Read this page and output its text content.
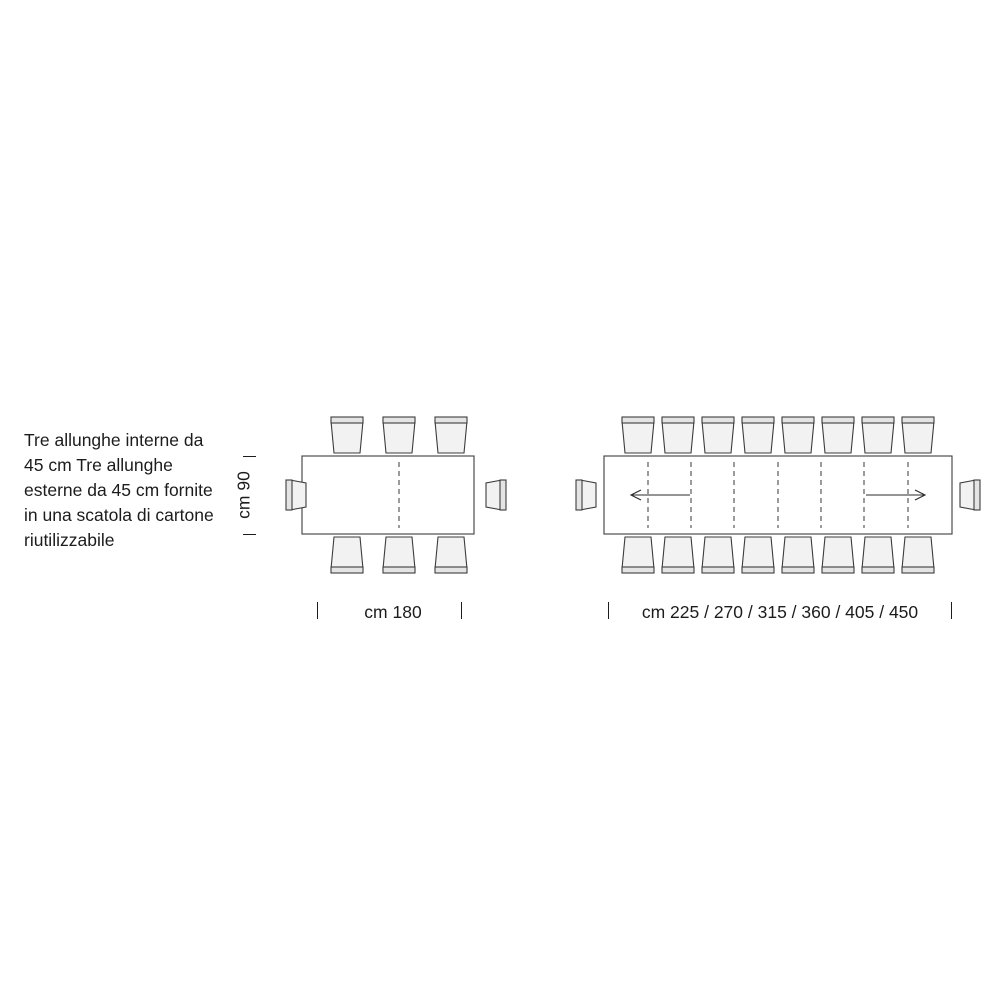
Tre allunghe interne da 45 cm Tre allunghe esterne da 45 cm fornite in una scatola di cartone riutilizzabile
cm 90
cm 180	cm 225 / 270 / 315 / 360 / 405 / 450
